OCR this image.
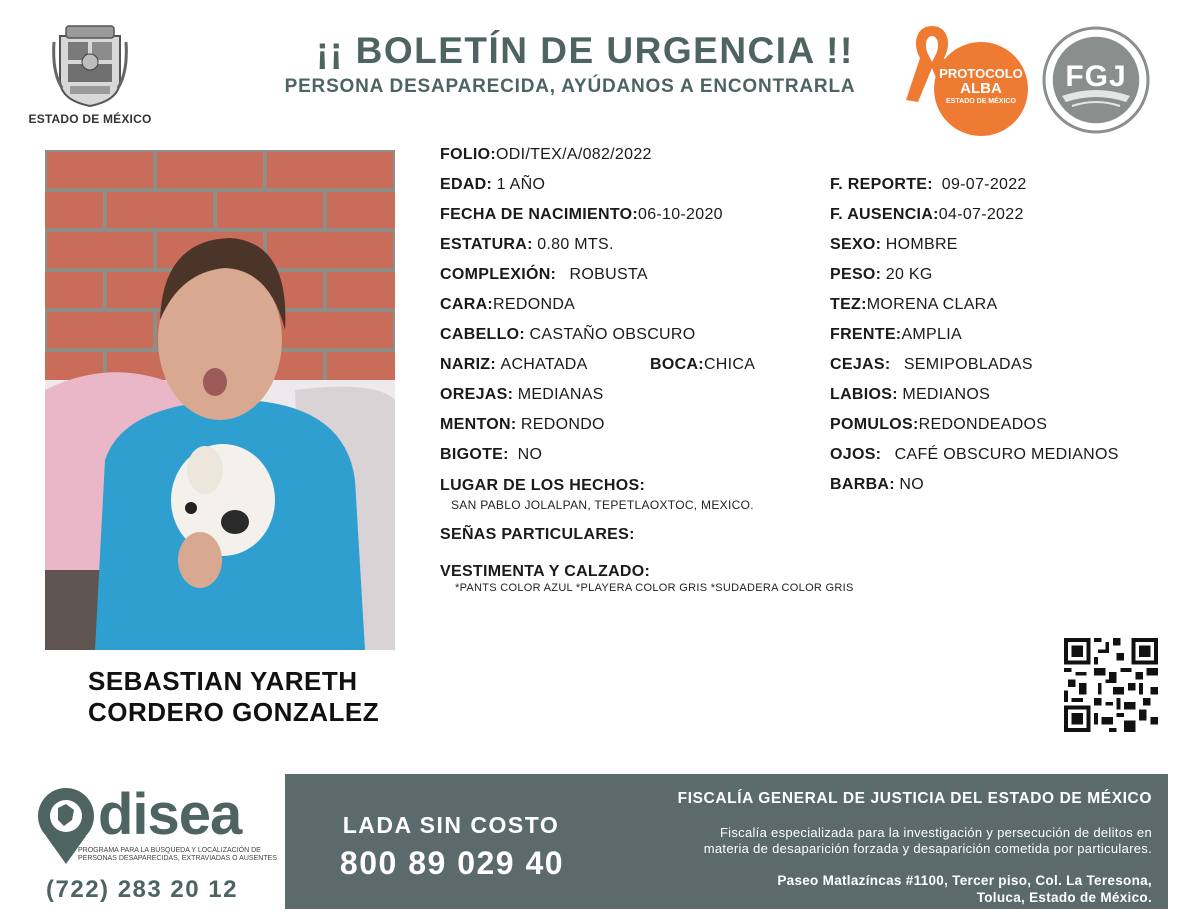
ESTADO DE MÉXICO
¡¡ BOLETÍN DE URGENCIA !!
PERSONA DESAPARECIDA, AYÚDANOS A ENCONTRARLA
PROTOCOLO
ALBA
ESTADO DE MÉXICO
FGJ
SEBASTIAN YARETH
CORDERO GONZALEZ
FOLIO:ODI/TEX/A/082/2022
EDAD: 1 AÑO
FECHA DE NACIMIENTO:06-10-2020
ESTATURA: 0.80 MTS.
COMPLEXIÓN: ROBUSTA
CARA:REDONDA
CABELLO: CASTAÑO OBSCURO
NARIZ: ACHATADA	BOCA:CHICA
OREJAS: MEDIANAS
MENTON: REDONDO
BIGOTE: NO
LUGAR DE LOS HECHOS:
SAN PABLO JOLALPAN, TEPETLAOXTOC, MEXICO.
SEÑAS PARTICULARES:
VESTIMENTA Y CALZADO:
*PANTS COLOR AZUL *PLAYERA COLOR GRIS *SUDADERA COLOR GRIS
F. REPORTE: 09-07-2022
F. AUSENCIA:04-07-2022
SEXO: HOMBRE
PESO: 20 KG
TEZ:MORENA CLARA
FRENTE:AMPLIA
CEJAS: SEMIPOBLADAS
LABIOS: MEDIANOS
POMULOS:REDONDEADOS
OJOS: CAFÉ OBSCURO MEDIANOS
BARBA: NO
disea
PROGRAMA PARA LA BÚSQUEDA Y LOCALIZACIÓN DE PERSONAS DESAPARECIDAS, EXTRAVIADAS O AUSENTES
(722) 283 20 12
LADA SIN COSTO
800 89 029 40
FISCALÍA GENERAL DE JUSTICIA DEL ESTADO DE MÉXICO
Fiscalía especializada para la investigación y persecución de delitos en
materia de desaparición forzada y desaparición cometida por particulares.
Paseo Matlazíncas #1100, Tercer piso, Col. La Teresona,
Toluca, Estado de México.
